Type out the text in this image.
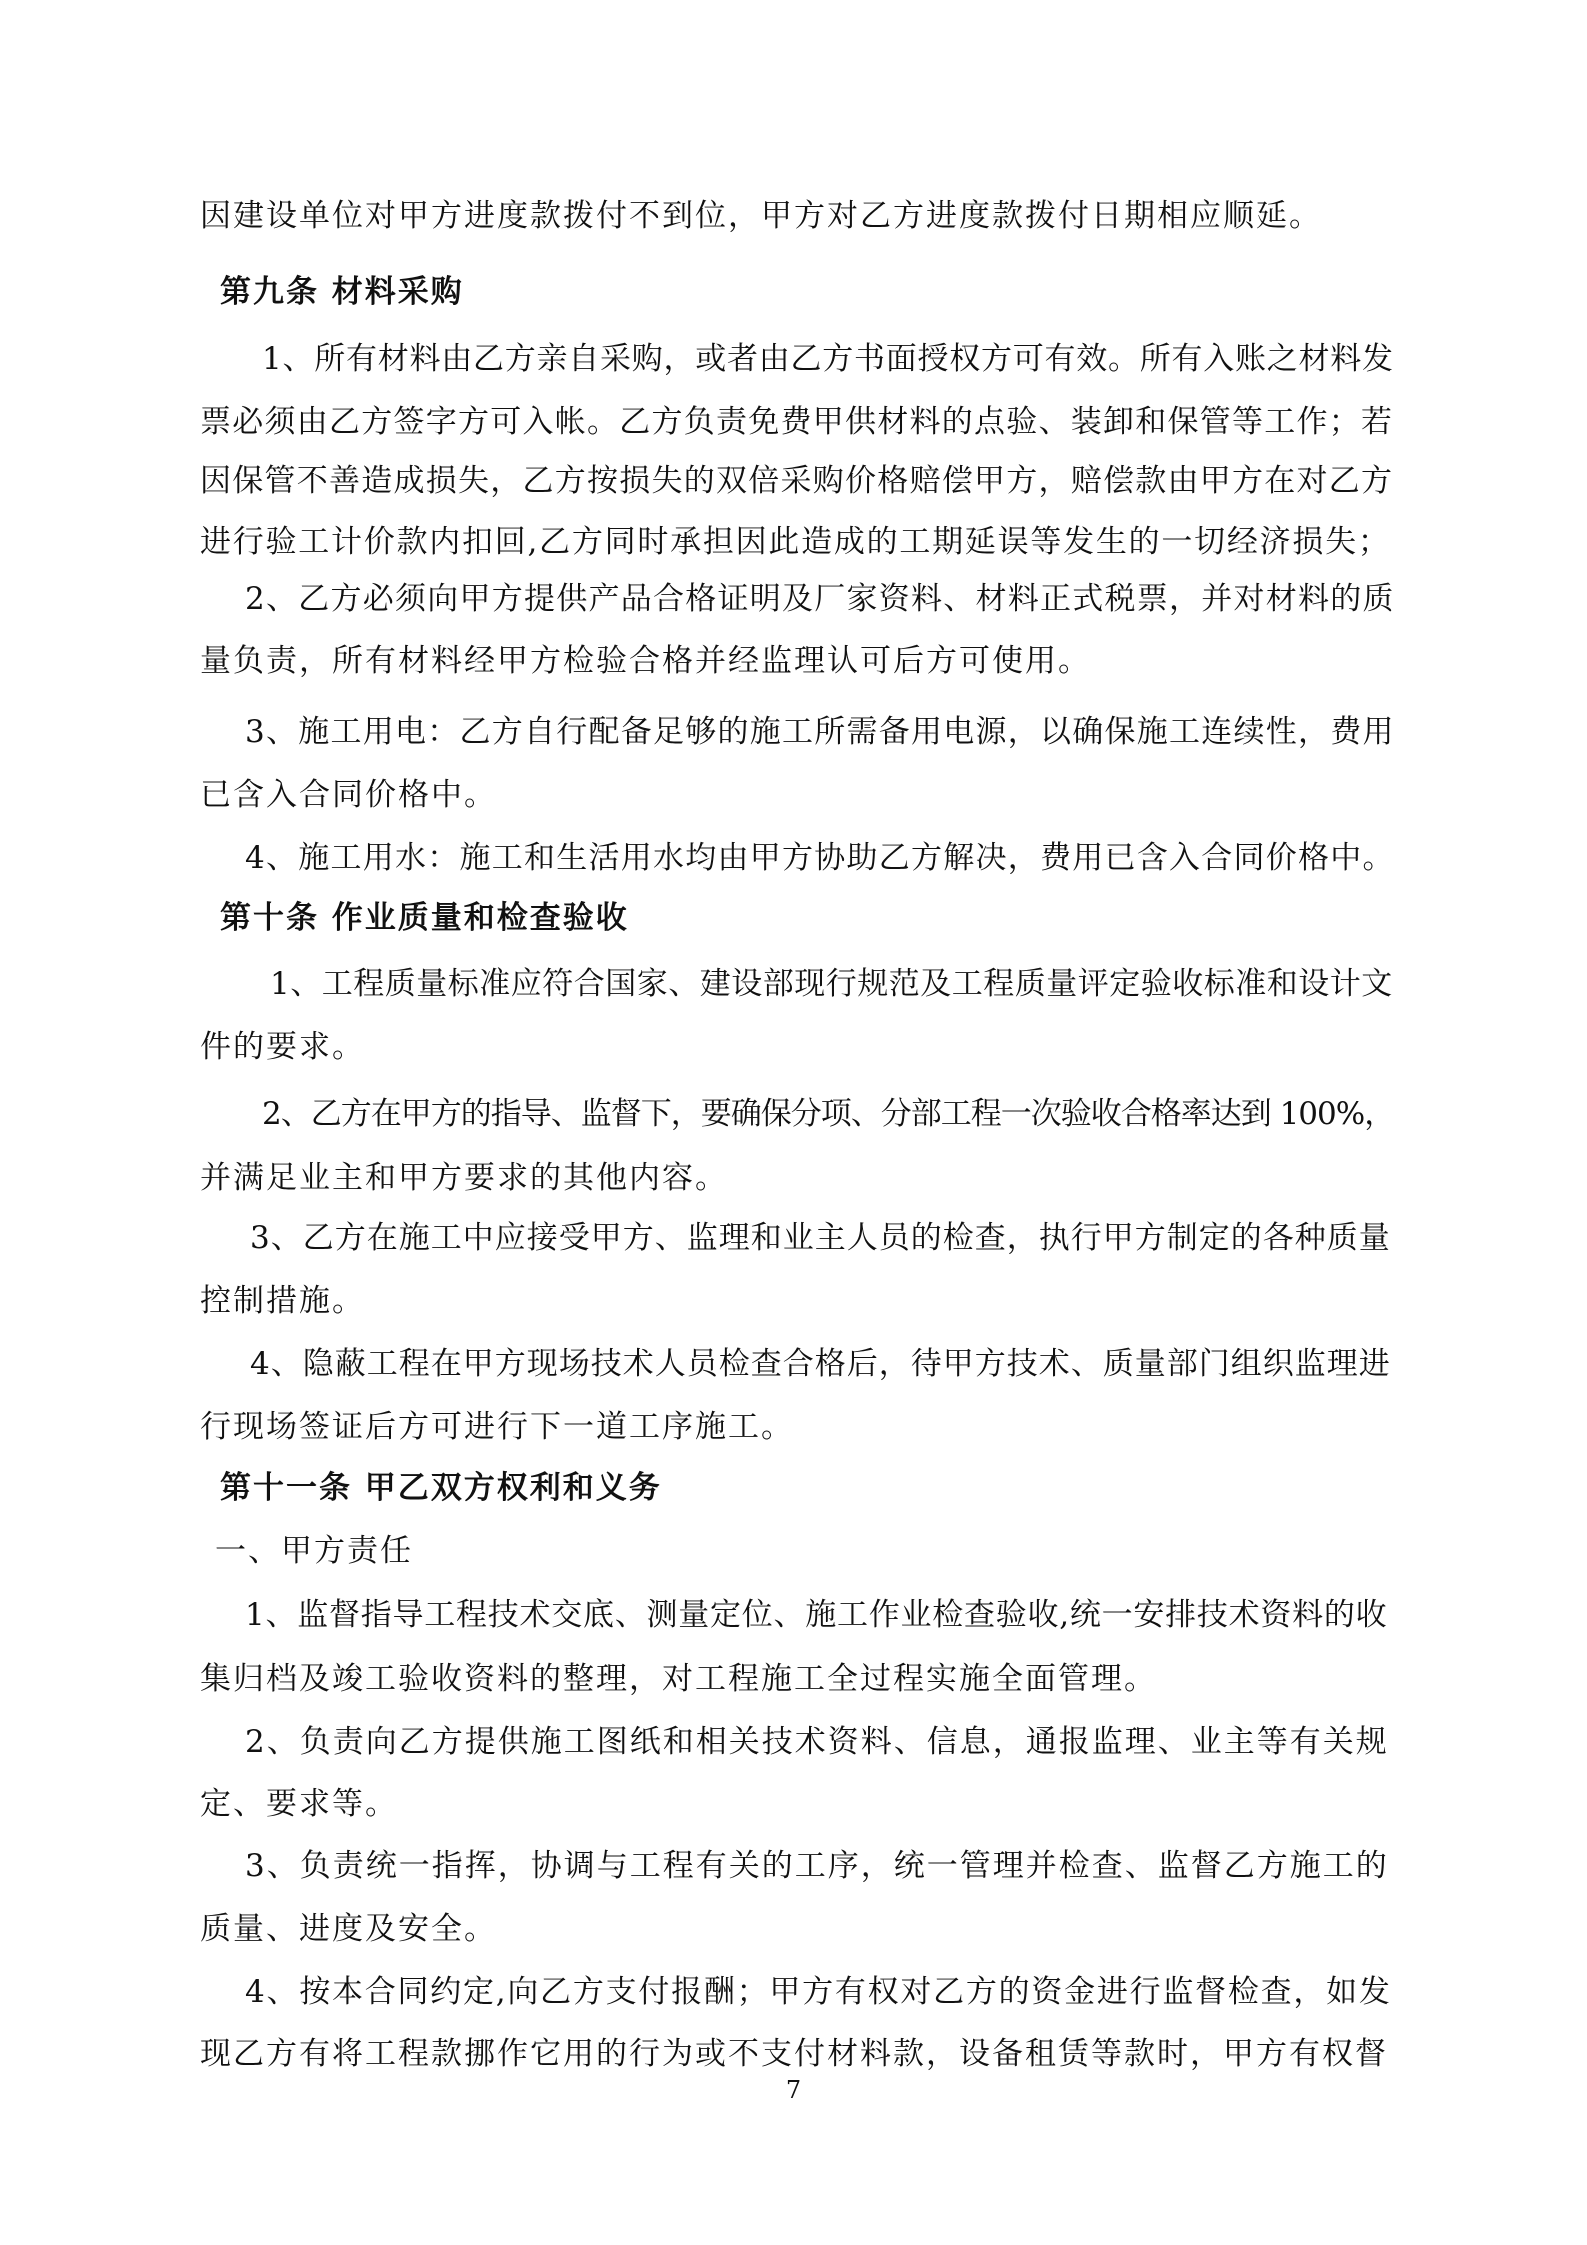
因建设单位对甲方进度款拨付不到位，甲方对乙方进度款拨付日期相应顺延。
第九条 材料采购
1、所有材料由乙方亲自采购，或者由乙方书面授权方可有效。所有入账之材料发
票必须由乙方签字方可入帐。乙方负责免费甲供材料的点验、装卸和保管等工作；若
因保管不善造成损失，乙方按损失的双倍采购价格赔偿甲方，赔偿款由甲方在对乙方
进行验工计价款内扣回,乙方同时承担因此造成的工期延误等发生的一切经济损失；
2、乙方必须向甲方提供产品合格证明及厂家资料、材料正式税票，并对材料的质
量负责，所有材料经甲方检验合格并经监理认可后方可使用。
3、施工用电：乙方自行配备足够的施工所需备用电源，以确保施工连续性，费用
已含入合同价格中。
4、施工用水：施工和生活用水均由甲方协助乙方解决，费用已含入合同价格中。
第十条 作业质量和检查验收
1、工程质量标准应符合国家、建设部现行规范及工程质量评定验收标准和设计文
件的要求。
2、乙方在甲方的指导、监督下，要确保分项、分部工程一次验收合格率达到 100%，
并满足业主和甲方要求的其他内容。
3、乙方在施工中应接受甲方、监理和业主人员的检查，执行甲方制定的各种质量
控制措施。
4、隐蔽工程在甲方现场技术人员检查合格后，待甲方技术、质量部门组织监理进
行现场签证后方可进行下一道工序施工。
第十一条 甲乙双方权利和义务
一、甲方责任
1、监督指导工程技术交底、测量定位、施工作业检查验收,统一安排技术资料的收
集归档及竣工验收资料的整理，对工程施工全过程实施全面管理。
2、负责向乙方提供施工图纸和相关技术资料、信息，通报监理、业主等有关规
定、要求等。
3、负责统一指挥，协调与工程有关的工序，统一管理并检查、监督乙方施工的
质量、进度及安全。
4、按本合同约定,向乙方支付报酬；甲方有权对乙方的资金进行监督检查，如发
现乙方有将工程款挪作它用的行为或不支付材料款，设备租赁等款时，甲方有权督
7
